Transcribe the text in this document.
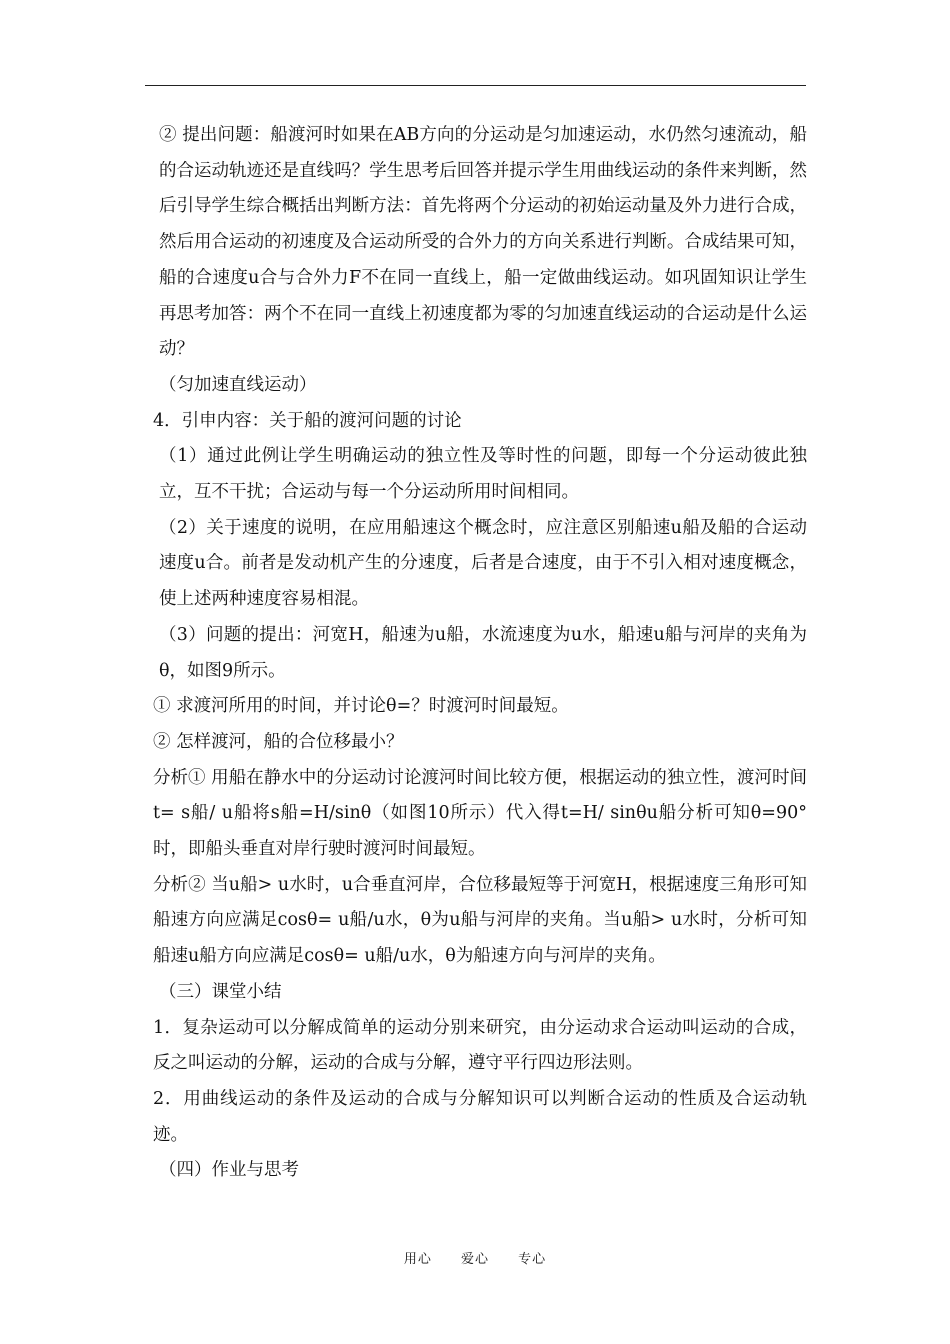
② 提出问题：船渡河时如果在AB方向的分运动是匀加速运动，水仍然匀速流动，船的合运动轨迹还是直线吗？学生思考后回答并提示学生用曲线运动的条件来判断，然后引导学生综合概括出判断方法：首先将两个分运动的初始运动量及外力进行合成，然后用合运动的初速度及合运动所受的合外力的方向关系进行判断。合成结果可知，船的合速度u合与合外力F不在同一直线上，船一定做曲线运动。如巩固知识让学生再思考加答：两个不在同一直线上初速度都为零的匀加速直线运动的合运动是什么运动？

（匀加速直线运动）

4．引申内容：关于船的渡河问题的讨论

（1）通过此例让学生明确运动的独立性及等时性的问题，即每一个分运动彼此独立，互不干扰；合运动与每一个分运动所用时间相同。

（2）关于速度的说明，在应用船速这个概念时，应注意区别船速u船及船的合运动速度u合。前者是发动机产生的分速度，后者是合速度，由于不引入相对速度概念，使上述两种速度容易相混。

（3）问题的提出：河宽H，船速为u船，水流速度为u水，船速u船与河岸的夹角为θ，如图9所示。

① 求渡河所用的时间，并讨论θ=？时渡河时间最短。

② 怎样渡河，船的合位移最小？

分析① 用船在静水中的分运动讨论渡河时间比较方便，根据运动的独立性，渡河时间t= s船/ u船将s船=H/sinθ（如图10所示）代入得t=H/ sinθu船分析可知θ=90°时，即船头垂直对岸行驶时渡河时间最短。

分析② 当u船> u水时，u合垂直河岸，合位移最短等于河宽H，根据速度三角形可知船速方向应满足cosθ= u船/u水，θ为u船与河岸的夹角。当u船> u水时，分析可知船速u船方向应满足cosθ= u船/u水，θ为船速方向与河岸的夹角。

（三）课堂小结

1．复杂运动可以分解成简单的运动分别来研究，由分运动求合运动叫运动的合成，反之叫运动的分解，运动的合成与分解，遵守平行四边形法则。

2．用曲线运动的条件及运动的合成与分解知识可以判断合运动的性质及合运动轨迹。

（四）作业与思考

用心 爱心 专心
